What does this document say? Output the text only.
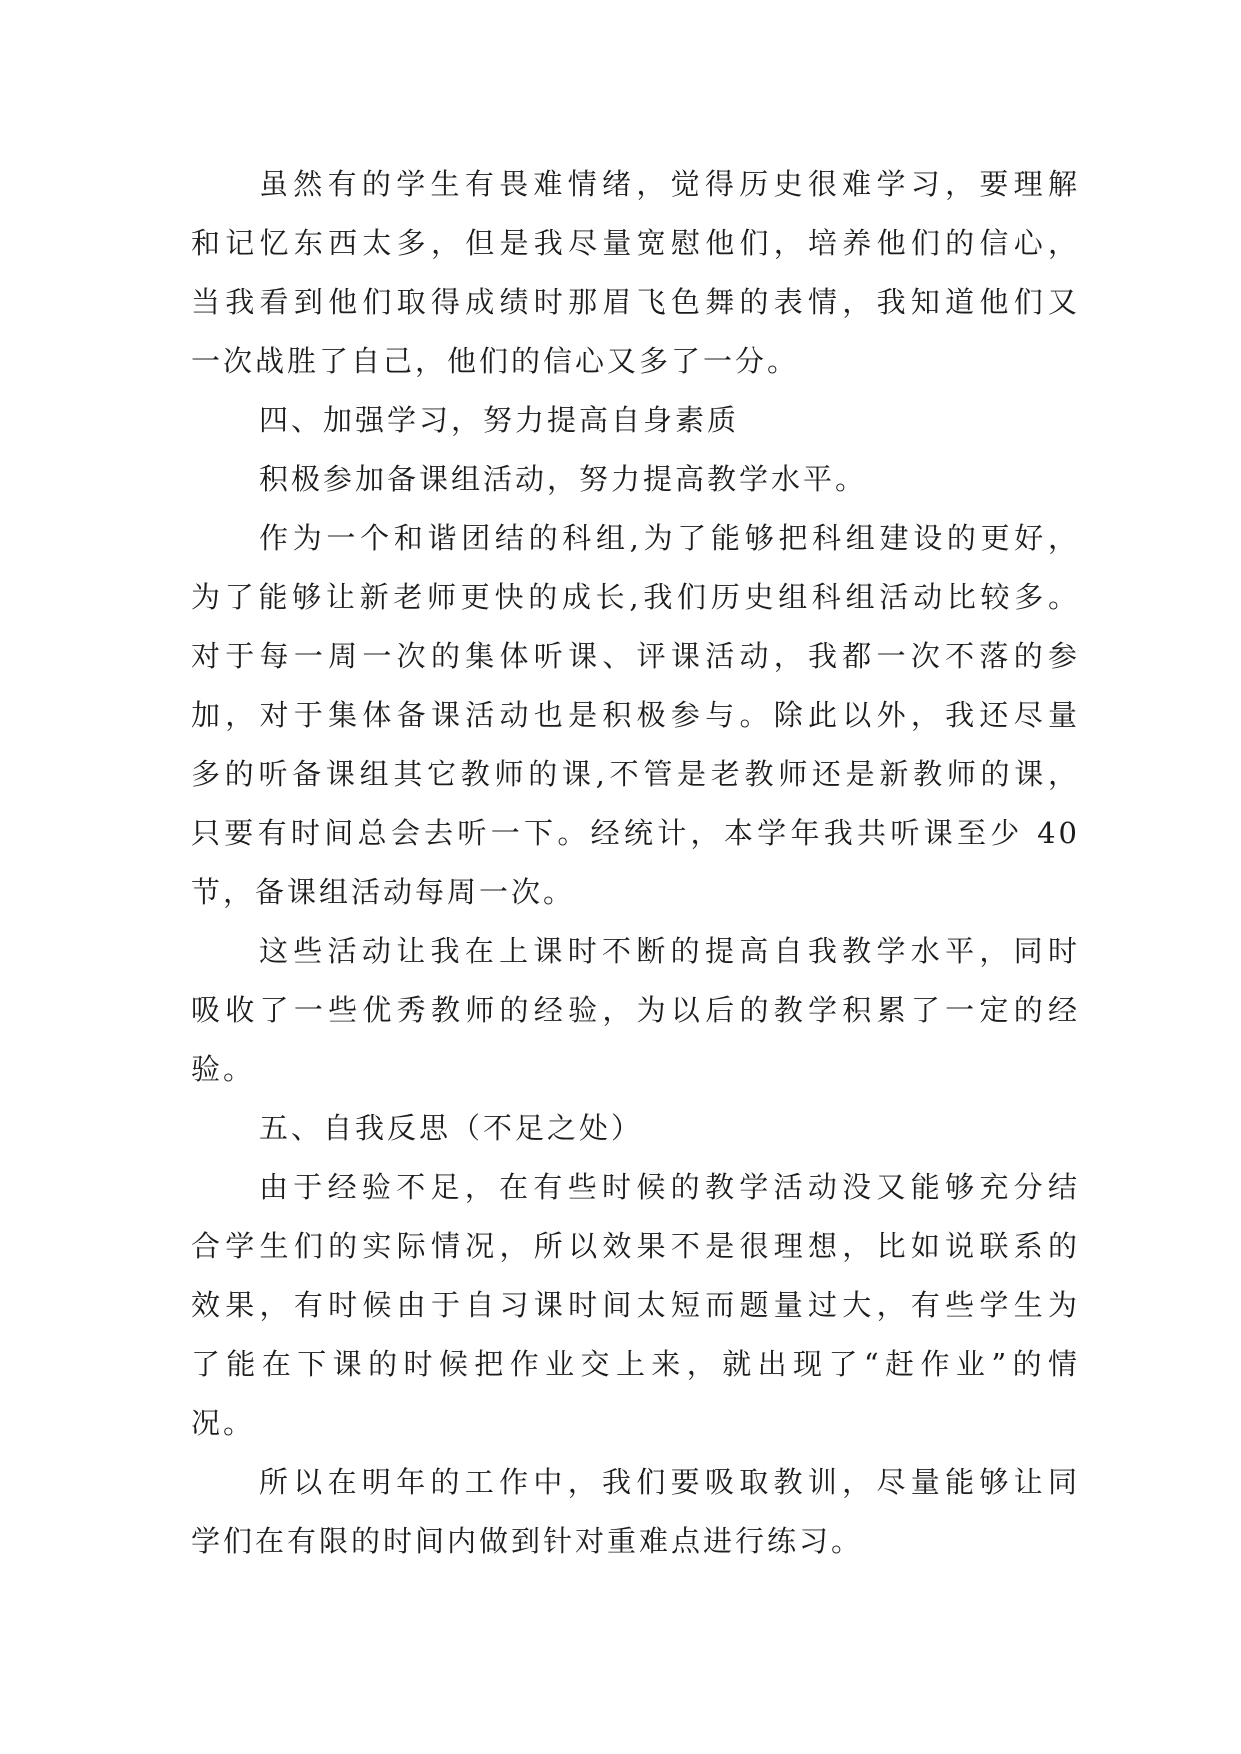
虽然有的学生有畏难情绪，觉得历史很难学习，要理解
和记忆东西太多，但是我尽量宽慰他们，培养他们的信心，
当我看到他们取得成绩时那眉飞色舞的表情，我知道他们又
一次战胜了自己，他们的信心又多了一分。
四、加强学习，努力提高自身素质
积极参加备课组活动，努力提高教学水平。
作为一个和谐团结的科组,为了能够把科组建设的更好，
为了能够让新老师更快的成长,我们历史组科组活动比较多。
对于每一周一次的集体听课、评课活动，我都一次不落的参
加，对于集体备课活动也是积极参与。除此以外，我还尽量
多的听备课组其它教师的课,不管是老教师还是新教师的课，
只要有时间总会去听一下。经统计，本学年我共听课至少 40
节，备课组活动每周一次。
这些活动让我在上课时不断的提高自我教学水平，同时
吸收了一些优秀教师的经验，为以后的教学积累了一定的经
验。
五、自我反思（不足之处）
由于经验不足，在有些时候的教学活动没又能够充分结
合学生们的实际情况，所以效果不是很理想，比如说联系的
效果，有时候由于自习课时间太短而题量过大，有些学生为
了能在下课的时候把作业交上来，就出现了“赶作业”的情
况。
所以在明年的工作中，我们要吸取教训，尽量能够让同
学们在有限的时间内做到针对重难点进行练习。
